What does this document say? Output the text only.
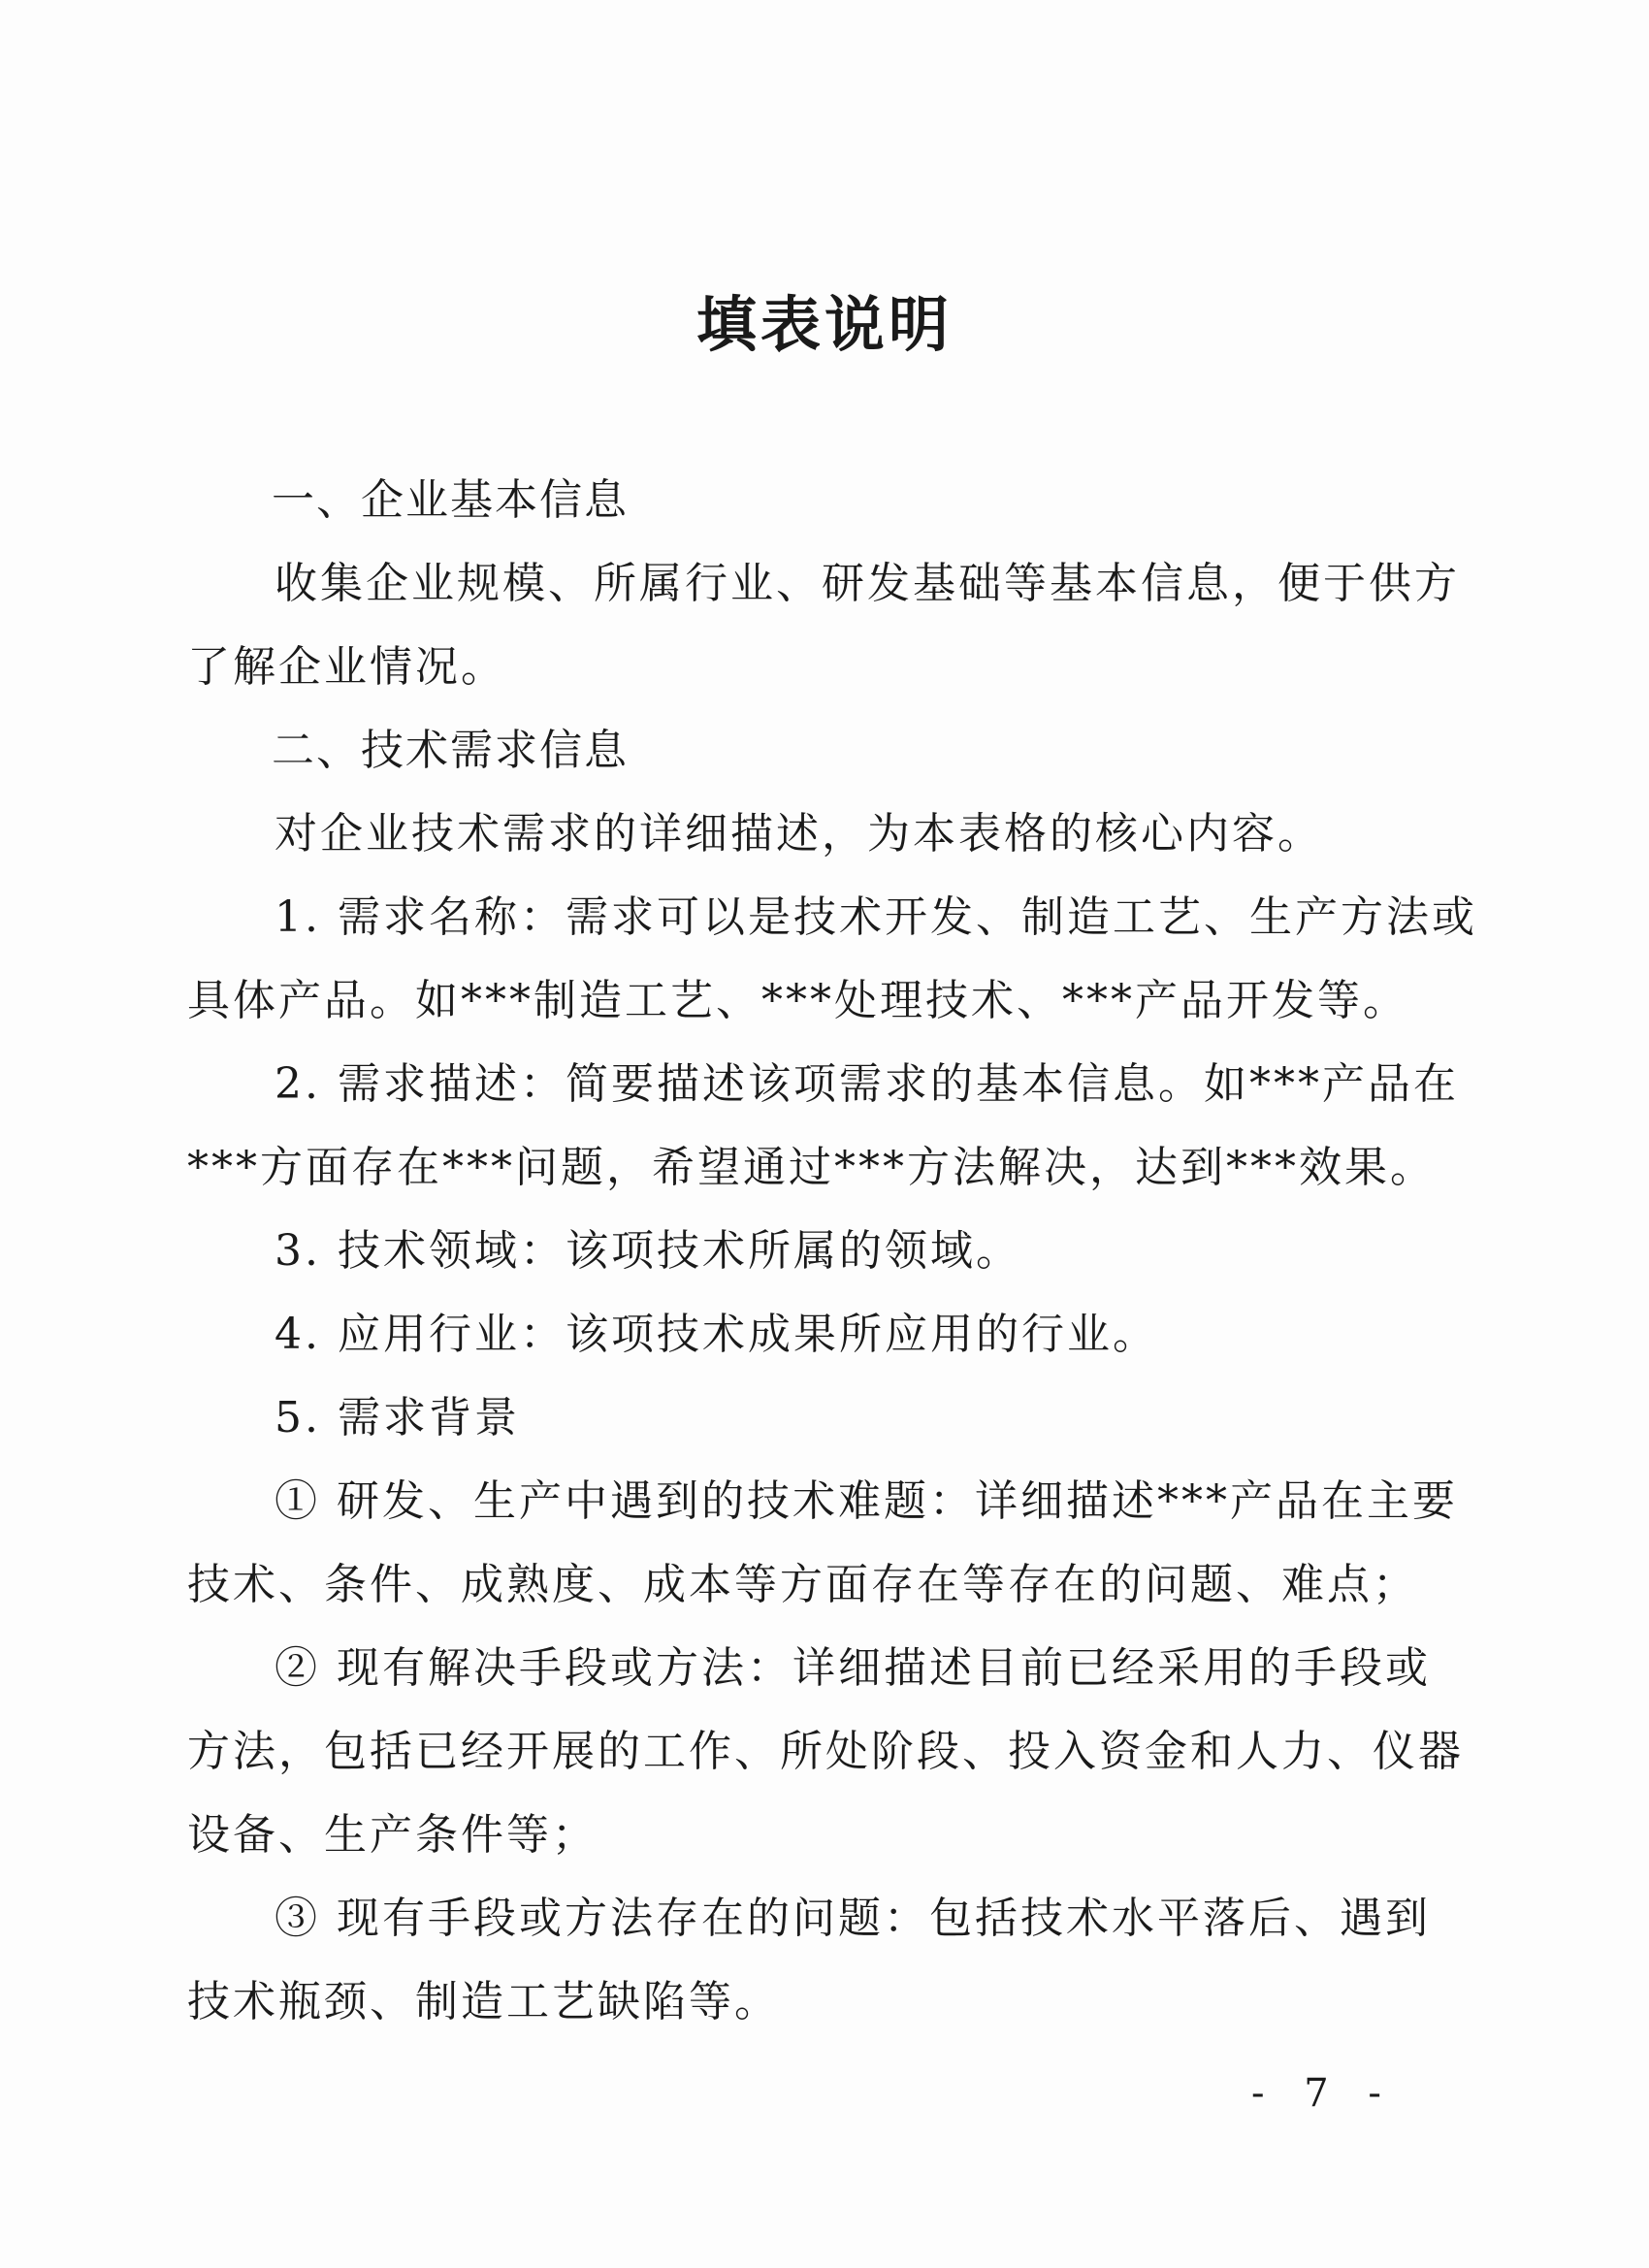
填表说明
一、企业基本信息
收集企业规模、所属行业、研发基础等基本信息，便于供方
了解企业情况。
二、技术需求信息
对企业技术需求的详细描述，为本表格的核心内容。
1. 需求名称：需求可以是技术开发、制造工艺、生产方法或
具体产品。如***制造工艺、***处理技术、***产品开发等。
2. 需求描述：简要描述该项需求的基本信息。如***产品在
***方面存在***问题，希望通过***方法解决，达到***效果。
3. 技术领域：该项技术所属的领域。
4. 应用行业：该项技术成果所应用的行业。
5. 需求背景
① 研发、生产中遇到的技术难题：详细描述***产品在主要
技术、条件、成熟度、成本等方面存在等存在的问题、难点；
② 现有解决手段或方法：详细描述目前已经采用的手段或
方法，包括已经开展的工作、所处阶段、投入资金和人力、仪器
设备、生产条件等；
③ 现有手段或方法存在的问题：包括技术水平落后、遇到
技术瓶颈、制造工艺缺陷等。
- 7 -
